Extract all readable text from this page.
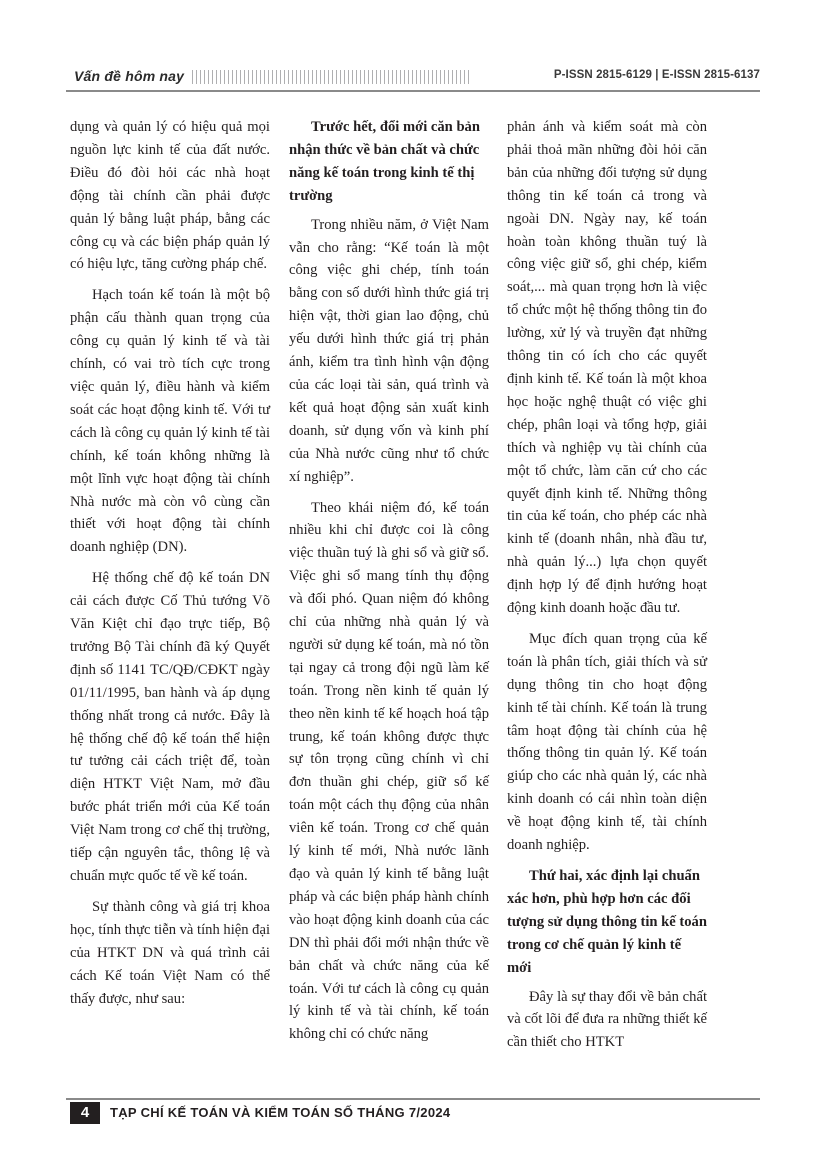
Vấn đề hôm nay	P-ISSN 2815-6129 | E-ISSN 2815-6137

dụng và quản lý có hiệu quả mọi nguồn lực kinh tế của đất nước. Điều đó đòi hỏi các nhà hoạt động tài chính cần phải được quản lý bằng luật pháp, bằng các công cụ và các biện pháp quản lý có hiệu lực, tăng cường pháp chế.

Hạch toán kế toán là một bộ phận cấu thành quan trọng của công cụ quản lý kinh tế và tài chính, có vai trò tích cực trong việc quản lý, điều hành và kiểm soát các hoạt động kinh tế. Với tư cách là công cụ quản lý kinh tế tài chính, kế toán không những là một lĩnh vực hoạt động tài chính Nhà nước mà còn vô cùng cần thiết với hoạt động tài chính doanh nghiệp (DN).

Hệ thống chế độ kế toán DN cải cách được Cố Thủ tướng Võ Văn Kiệt chỉ đạo trực tiếp, Bộ trưởng Bộ Tài chính đã ký Quyết định số 1141 TC/QĐ/CĐKT ngày 01/11/1995, ban hành và áp dụng thống nhất trong cả nước. Đây là hệ thống chế độ kế toán thể hiện tư tưởng cải cách triệt để, toàn diện HTKT Việt Nam, mở đầu bước phát triển mới của Kế toán Việt Nam trong cơ chế thị trường, tiếp cận nguyên tắc, thông lệ và chuẩn mực quốc tế về kế toán.

Sự thành công và giá trị khoa học, tính thực tiễn và tính hiện đại của HTKT DN và quá trình cải cách Kế toán Việt Nam có thể thấy được, như sau:

Trước hết, đổi mới căn bản nhận thức về bản chất và chức năng kế toán trong kinh tế thị trường

Trong nhiều năm, ở Việt Nam vẫn cho rằng: “Kế toán là một công việc ghi chép, tính toán bằng con số dưới hình thức giá trị hiện vật, thời gian lao động, chủ yếu dưới hình thức giá trị phản ánh, kiểm tra tình hình vận động của các loại tài sản, quá trình và kết quả hoạt động sản xuất kinh doanh, sử dụng vốn và kinh phí của Nhà nước cũng như tổ chức xí nghiệp”.

Theo khái niệm đó, kế toán nhiều khi chỉ được coi là công việc thuần tuý là ghi sổ và giữ sổ. Việc ghi sổ mang tính thụ động và đối phó. Quan niệm đó không chỉ của những nhà quản lý và người sử dụng kế toán, mà nó tồn tại ngay cả trong đội ngũ làm kế toán. Trong nền kinh tế quản lý theo nền kinh tế kế hoạch hoá tập trung, kế toán không được thực sự tôn trọng cũng chính vì chỉ đơn thuần ghi chép, giữ sổ kế toán một cách thụ động của nhân viên kế toán. Trong cơ chế quản lý kinh tế mới, Nhà nước lãnh đạo và quản lý kinh tế bằng luật pháp và các biện pháp hành chính vào hoạt động kinh doanh của các DN thì phải đổi mới nhận thức về bản chất và chức năng của kế toán. Với tư cách là công cụ quản lý kinh tế và tài chính, kế toán không chỉ có chức năng

phản ánh và kiểm soát mà còn phải thoả mãn những đòi hỏi căn bản của những đối tượng sử dụng thông tin kế toán cả trong và ngoài DN. Ngày nay, kế toán hoàn toàn không thuần tuý là công việc giữ sổ, ghi chép, kiểm soát,... mà quan trọng hơn là việc tổ chức một hệ thống thông tin đo lường, xử lý và truyền đạt những thông tin có ích cho các quyết định kinh tế. Kế toán là một khoa học hoặc nghệ thuật có việc ghi chép, phân loại và tổng hợp, giải thích và nghiệp vụ tài chính của một tổ chức, làm căn cứ cho các quyết định kinh tế. Những thông tin của kế toán, cho phép các nhà kinh tế (doanh nhân, nhà đầu tư, nhà quản lý...) lựa chọn quyết định hợp lý để định hướng hoạt động kinh doanh hoặc đầu tư.

Mục đích quan trọng của kế toán là phân tích, giải thích và sử dụng thông tin cho hoạt động kinh tế tài chính. Kế toán là trung tâm hoạt động tài chính của hệ thống thông tin quản lý. Kế toán giúp cho các nhà quản lý, các nhà kinh doanh có cái nhìn toàn diện về hoạt động kinh tế, tài chính doanh nghiệp.

Thứ hai, xác định lại chuẩn xác hơn, phù hợp hơn các đối tượng sử dụng thông tin kế toán trong cơ chế quản lý kinh tế mới

Đây là sự thay đổi về bản chất và cốt lõi để đưa ra những thiết kế cần thiết cho HTKT

4	TẠP CHÍ KẾ TOÁN VÀ KIỂM TOÁN SỐ THÁNG 7/2024
